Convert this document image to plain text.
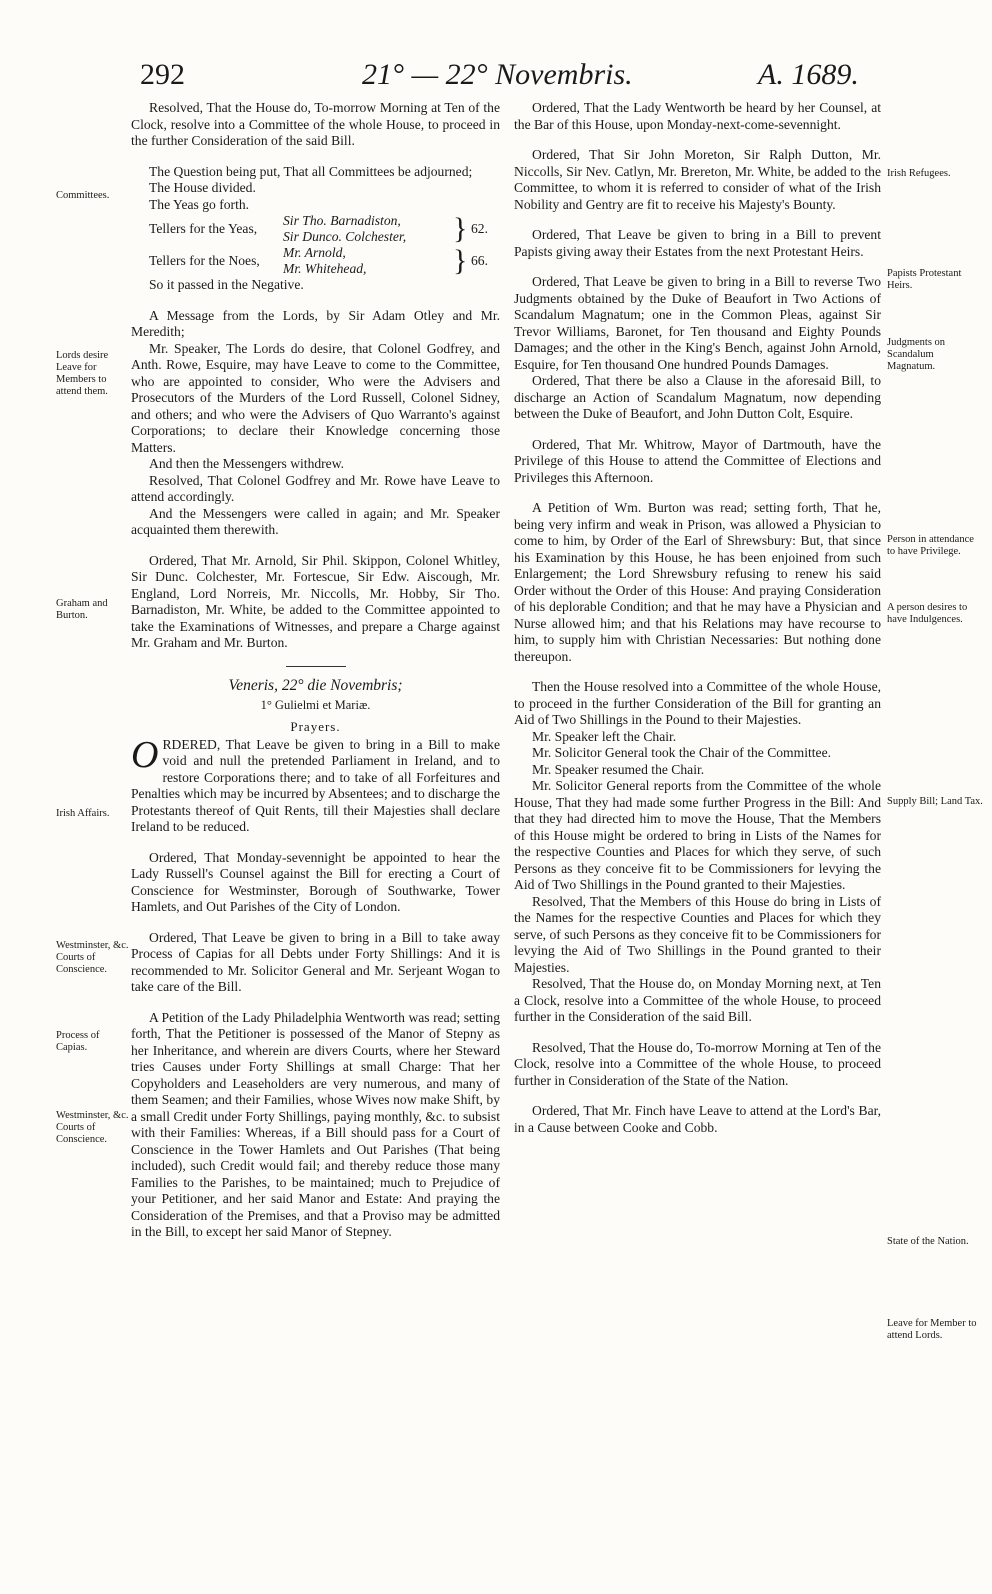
292	21° — 22° Novembris.	A. 1689.
Committees.
Lords desire Leave for Members to attend them.
Graham and Burton.
Irish Affairs.
Westminster, &c. Courts of Conscience.
Process of Capias.
Westminster, &c. Courts of Conscience.
Irish Refugees.
Papists Protestant Heirs.
Judgments on Scandalum Magnatum.
Person in attendance to have Privilege.
A person desires to have Indulgences.
Supply Bill; Land Tax.
State of the Nation.
Leave for Member to attend Lords.

Resolved, That the House do, To-morrow Morning at Ten of the Clock, resolve into a Committee of the whole House, to proceed in the further Consideration of the said Bill.

The Question being put, That all Committees be adjourned;

The House divided.

The Yeas go forth.

Tellers for the Yeas,
Sir Tho. Barnadiston,
Sir Dunco. Colchester,	} 62.
Tellers for the Noes,
Mr. Arnold,
Mr. Whitehead,	} 66.

So it passed in the Negative.

A Message from the Lords, by Sir Adam Otley and Mr. Meredith;

Mr. Speaker, The Lords do desire, that Colonel Godfrey, and Anth. Rowe, Esquire, may have Leave to come to the Committee, who are appointed to consider, Who were the Advisers and Prosecutors of the Murders of the Lord Russell, Colonel Sidney, and others; and who were the Advisers of Quo Warranto's against Corporations; to declare their Knowledge concerning those Matters.

And then the Messengers withdrew.

Resolved, That Colonel Godfrey and Mr. Rowe have Leave to attend accordingly.

And the Messengers were called in again; and Mr. Speaker acquainted them therewith.

Ordered, That Mr. Arnold, Sir Phil. Skippon, Colonel Whitley, Sir Dunc. Colchester, Mr. Fortescue, Sir Edw. Aiscough, Mr. England, Lord Norreis, Mr. Niccolls, Mr. Hobby, Sir Tho. Barnadiston, Mr. White, be added to the Committee appointed to take the Examinations of Witnesses, and prepare a Charge against Mr. Graham and Mr. Burton.

Veneris, 22° die Novembris;
1° Gulielmi et Mariæ.
Prayers.

ORDERED, That Leave be given to bring in a Bill to make void and null the pretended Parliament in Ireland, and to restore Corporations there; and to take of all Forfeitures and Penalties which may be incurred by Absentees; and to discharge the Protestants thereof of Quit Rents, till their Majesties shall declare Ireland to be reduced.

Ordered, That Monday-sevennight be appointed to hear the Lady Russell's Counsel against the Bill for erecting a Court of Conscience for Westminster, Borough of Southwarke, Tower Hamlets, and Out Parishes of the City of London.

Ordered, That Leave be given to bring in a Bill to take away Process of Capias for all Debts under Forty Shillings: And it is recommended to Mr. Solicitor General and Mr. Serjeant Wogan to take care of the Bill.

A Petition of the Lady Philadelphia Wentworth was read; setting forth, That the Petitioner is possessed of the Manor of Stepny as her Inheritance, and wherein are divers Courts, where her Steward tries Causes under Forty Shillings at small Charge: That her Copyholders and Leaseholders are very numerous, and many of them Seamen; and their Families, whose Wives now make Shift, by a small Credit under Forty Shillings, paying monthly, &c. to subsist with their Families: Whereas, if a Bill should pass for a Court of Conscience in the Tower Hamlets and Out Parishes (That being included), such Credit would fail; and thereby reduce those many Families to the Parishes, to be maintained; much to Prejudice of your Petitioner, and her said Manor and Estate: And praying the Consideration of the Premises, and that a Proviso may be admitted in the Bill, to except her said Manor of Stepney.

Ordered, That the Lady Wentworth be heard by her Counsel, at the Bar of this House, upon Monday-next-come-sevennight.

Ordered, That Sir John Moreton, Sir Ralph Dutton, Mr. Niccolls, Sir Nev. Catlyn, Mr. Brereton, Mr. White, be added to the Committee, to whom it is referred to consider of what of the Irish Nobility and Gentry are fit to receive his Majesty's Bounty.

Ordered, That Leave be given to bring in a Bill to prevent Papists giving away their Estates from the next Protestant Heirs.

Ordered, That Leave be given to bring in a Bill to reverse Two Judgments obtained by the Duke of Beaufort in Two Actions of Scandalum Magnatum; one in the Common Pleas, against Sir Trevor Williams, Baronet, for Ten thousand and Eighty Pounds Damages; and the other in the King's Bench, against John Arnold, Esquire, for Ten thousand One hundred Pounds Damages.

Ordered, That there be also a Clause in the aforesaid Bill, to discharge an Action of Scandalum Magnatum, now depending between the Duke of Beaufort, and John Dutton Colt, Esquire.

Ordered, That Mr. Whitrow, Mayor of Dartmouth, have the Privilege of this House to attend the Committee of Elections and Privileges this Afternoon.

A Petition of Wm. Burton was read; setting forth, That he, being very infirm and weak in Prison, was allowed a Physician to come to him, by Order of the Earl of Shrewsbury: But, that since his Examination by this House, he has been enjoined from such Enlargement; the Lord Shrewsbury refusing to renew his said Order without the Order of this House: And praying Consideration of his deplorable Condition; and that he may have a Physician and Nurse allowed him; and that his Relations may have recourse to him, to supply him with Christian Necessaries: But nothing done thereupon.

Then the House resolved into a Committee of the whole House, to proceed in the further Consideration of the Bill for granting an Aid of Two Shillings in the Pound to their Majesties.

Mr. Speaker left the Chair.

Mr. Solicitor General took the Chair of the Committee.

Mr. Speaker resumed the Chair.

Mr. Solicitor General reports from the Committee of the whole House, That they had made some further Progress in the Bill: And that they had directed him to move the House, That the Members of this House might be ordered to bring in Lists of the Names for the respective Counties and Places for which they serve, of such Persons as they conceive fit to be Commissioners for levying the Aid of Two Shillings in the Pound granted to their Majesties.

Resolved, That the Members of this House do bring in Lists of the Names for the respective Counties and Places for which they serve, of such Persons as they conceive fit to be Commissioners for levying the Aid of Two Shillings in the Pound granted to their Majesties.

Resolved, That the House do, on Monday Morning next, at Ten a Clock, resolve into a Committee of the whole House, to proceed further in the Consideration of the said Bill.

Resolved, That the House do, To-morrow Morning at Ten of the Clock, resolve into a Committee of the whole House, to proceed further in Consideration of the State of the Nation.

Ordered, That Mr. Finch have Leave to attend at the Lord's Bar, in a Cause between Cooke and Cobb.
